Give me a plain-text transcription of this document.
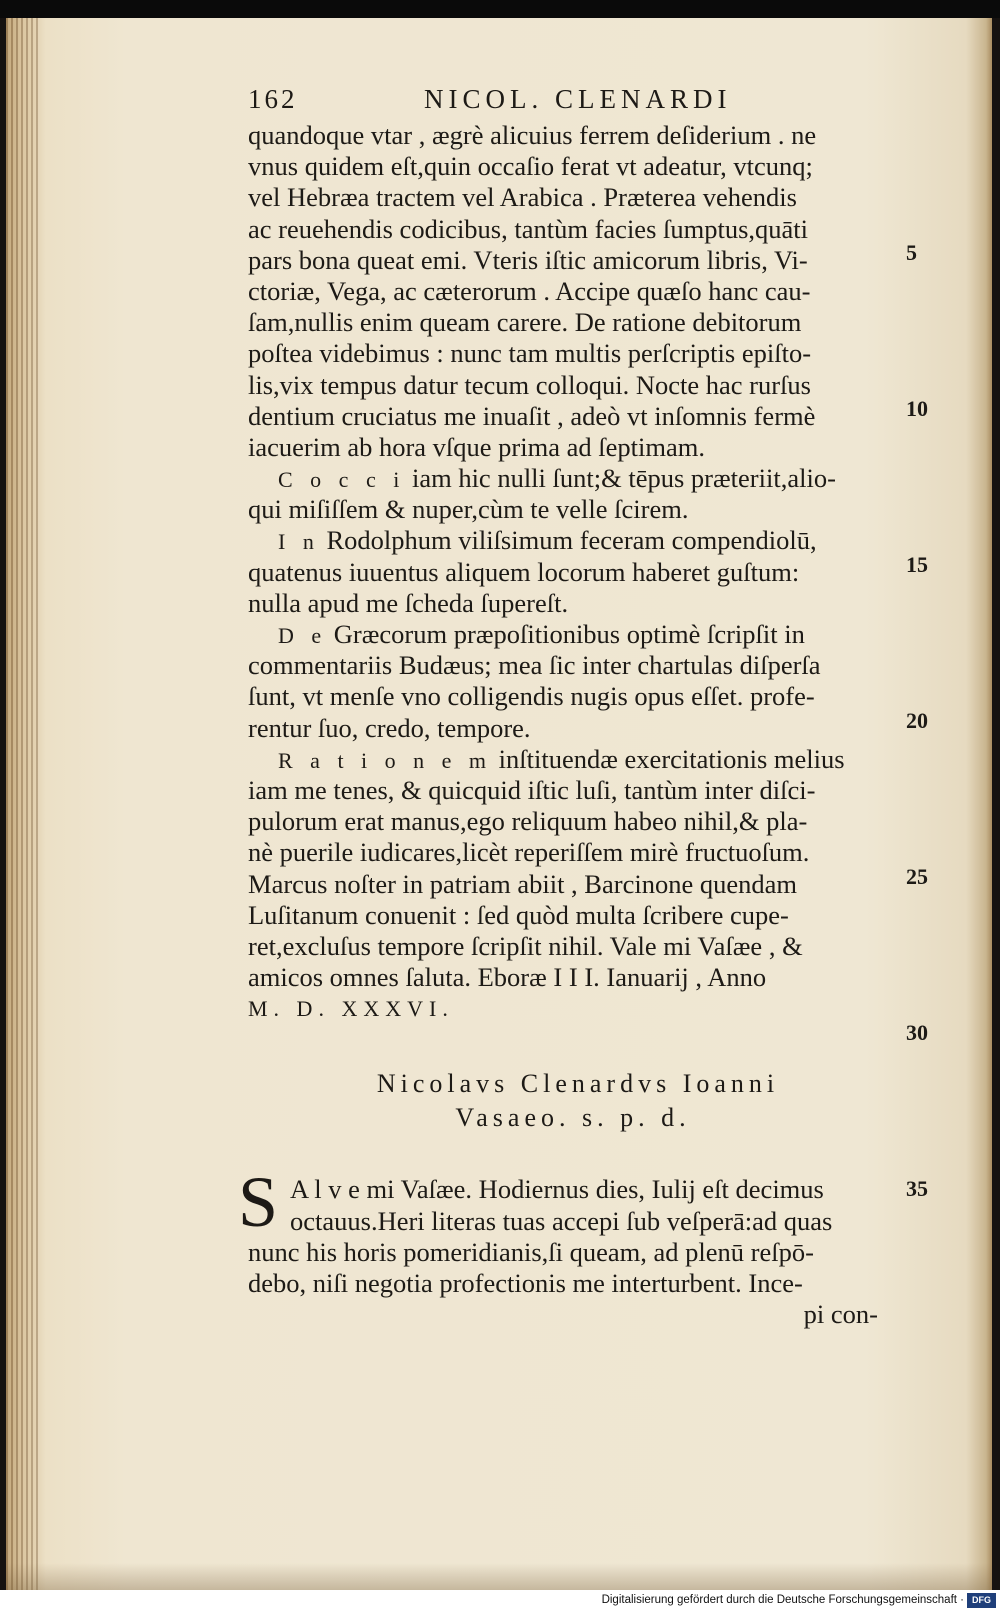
162	NICOL. CLENARDI
quandoque vtar , ægrè alicuius ferrem deſiderium . ne
vnus quidem eſt,quin occaſio ferat vt adeatur, vtcunq;
vel Hebræa tractem vel Arabica . Præterea vehendis
ac reuehendis codicibus, tantùm facies ſumptus,quāti
pars bona queat emi. Vteris iſtic amicorum libris, Vi-
ctoriæ, Vega, ac cæterorum . Accipe quæſo hanc cau-
ſam,nullis enim queam carere. De ratione debitorum
poſtea videbimus : nunc tam multis perſcriptis epiſto-
lis,vix tempus datur tecum colloqui. Nocte hac rurſus
dentium cruciatus me inuaſit , adeò vt inſomnis fermè
iacuerim ab hora vſque prima ad ſeptimam.
C o c c i iam hic nulli ſunt;& tēpus præteriit,alio-
qui miſiſſem & nuper,cùm te velle ſcirem.
I n Rodolphum viliſsimum feceram compendiolū,
quatenus iuuentus aliquem locorum haberet guſtum:
nulla apud me ſcheda ſupereſt.
D e Græcorum præpoſitionibus optimè ſcripſit in
commentariis Budæus; mea ſic inter chartulas diſperſa
ſunt, vt menſe vno colligendis nugis opus eſſet. profe-
rentur ſuo, credo, tempore.
R a t i o n e m inſtituendæ exercitationis melius
iam me tenes, & quicquid iſtic luſi, tantùm inter diſci-
pulorum erat manus,ego reliquum habeo nihil,& pla-
nè puerile iudicares,licèt reperiſſem mirè fructuoſum.
Marcus noſter in patriam abiit , Barcinone quendam
Luſitanum conuenit : ſed quòd multa ſcribere cupe-
ret,excluſus tempore ſcripſit nihil. Vale mi Vaſæe , &
amicos omnes ſaluta. Eboræ I I I. Ianuarij , Anno
M. D. XXXVI.
Nicolavs Clenardvs Ioanni
Vasaeo. s. p. d.
S A l v e mi Vaſæe. Hodiernus dies, Iulij eſt decimus
octauus.Heri literas tuas accepi ſub veſperā:ad quas
nunc his horis pomeridianis,ſi queam, ad plenū reſpō-
debo, niſi negotia profectionis me interturbent. Ince-
pi con-
5
10
15
20
25
30
35
Digitalisierung gefördert durch die Deutsche Forschungsgemeinschaft · DFG
